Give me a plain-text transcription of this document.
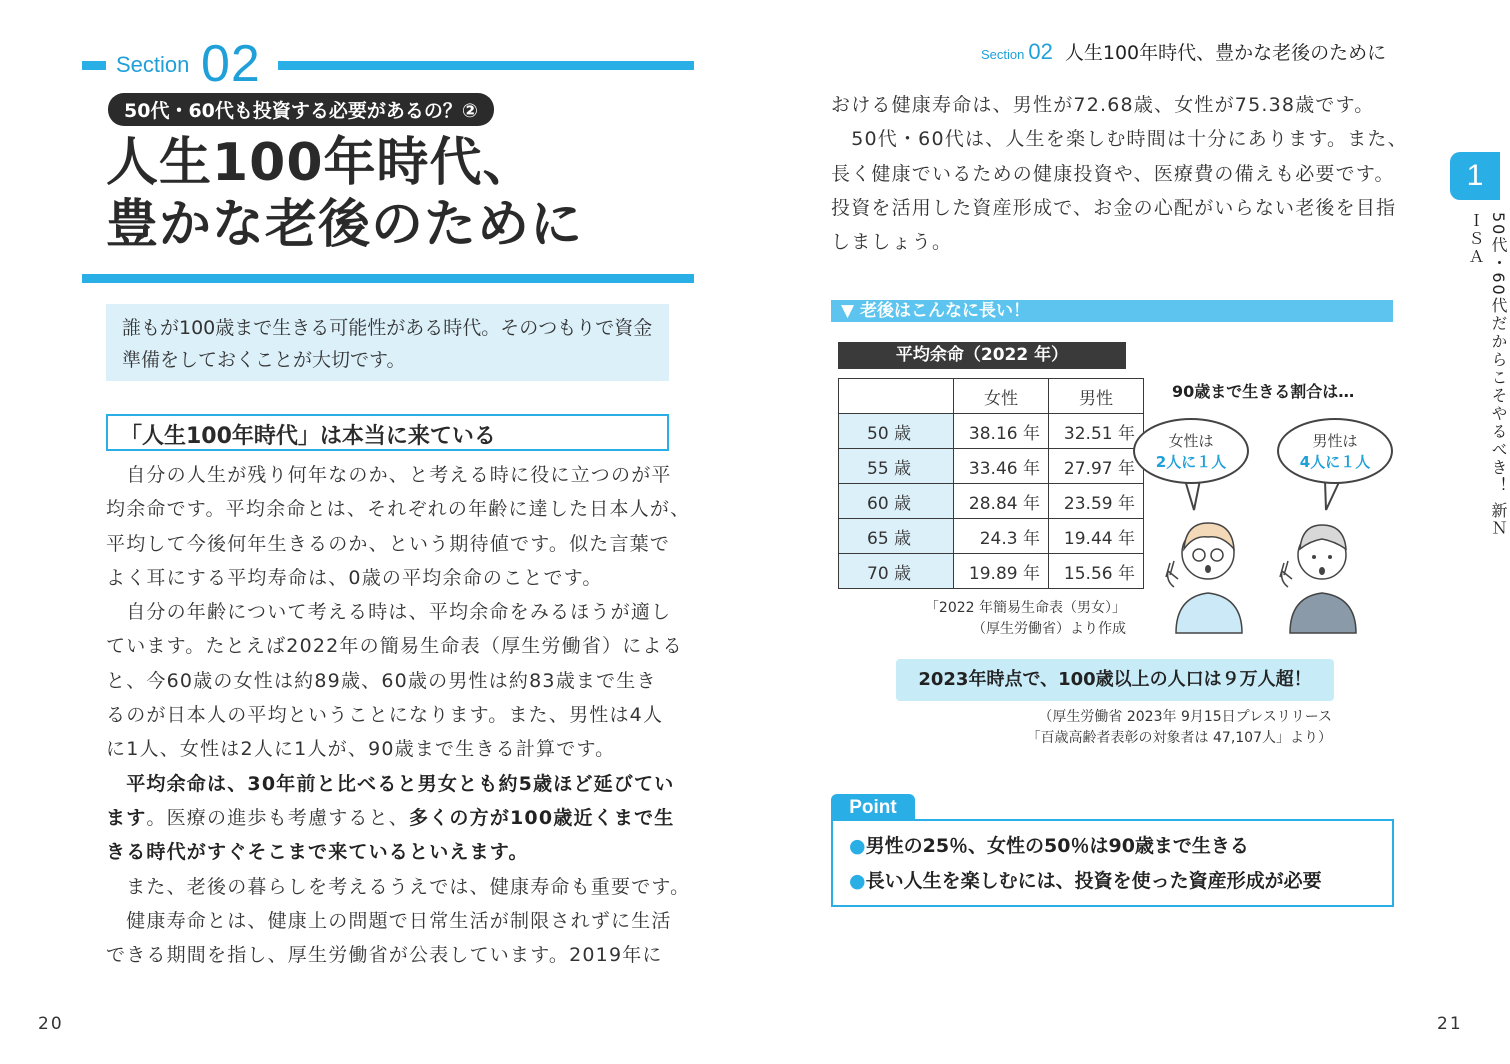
Section 02
50代・60代も投資する必要があるの？②
人生100年時代、
豊かな老後のために

誰もが100歳まで生きる可能性がある時代。そのつもりで資金

準備をしておくことが大切です。

「人生100年時代」は本当に来ている

　自分の人生が残り何年なのか、と考える時に役に立つのが平

均余命です。平均余命とは、それぞれの年齢に達した日本人が、

平均して今後何年生きるのか、という期待値です。似た言葉で

よく耳にする平均寿命は、0歳の平均余命のことです。

　自分の年齢について考える時は、平均余命をみるほうが適し

ています。たとえば2022年の簡易生命表（厚生労働省）による

と、今60歳の女性は約89歳、60歳の男性は約83歳まで生き

るのが日本人の平均ということになります。また、男性は4人

に1人、女性は2人に1人が、90歳まで生きる計算です。

　平均余命は、30年前と比べると男女とも約5歳ほど延びてい

ます。医療の進歩も考慮すると、多くの方が100歳近くまで生

きる時代がすぐそこまで来ているといえます。

　また、老後の暮らしを考えるうえでは、健康寿命も重要です。

　健康寿命とは、健康上の問題で日常生活が制限されずに生活

できる期間を指し、厚生労働省が公表しています。2019年に

20
Section 02 人生100年時代、豊かな老後のために

おける健康寿命は、男性が72.68歳、女性が75.38歳です。

　50代・60代は、人生を楽しむ時間は十分にあります。また、

長く健康でいるための健康投資や、医療費の備えも必要です。

投資を活用した資産形成で、お金の心配がいらない老後を目指

しましょう。

▼ 老後はこんなに長い！
平均余命（2022 年）
	女性	男性
50 歳	38.16 年	32.51 年
55 歳	33.46 年	27.97 年
60 歳	28.84 年	23.59 年
65 歳	24.3 年	19.44 年
70 歳	19.89 年	15.56 年
「2022 年簡易生命表（男女）」
（厚生労働省）より作成
90歳まで生きる割合は…
女性は
2人に１人
男性は
4人に１人
2023年時点で、100歳以上の人口は９万人超！
（厚生労働省 2023年 9月15日プレスリリース
「百歳高齢者表彰の対象者は 47,107人」より）
Point

●男性の25％、女性の50％は90歳まで生きる

●長い人生を楽しむには、投資を使った資産形成が必要

1
50代・60代だからこそやるべき！ 新ＮＩＳＡ
21
